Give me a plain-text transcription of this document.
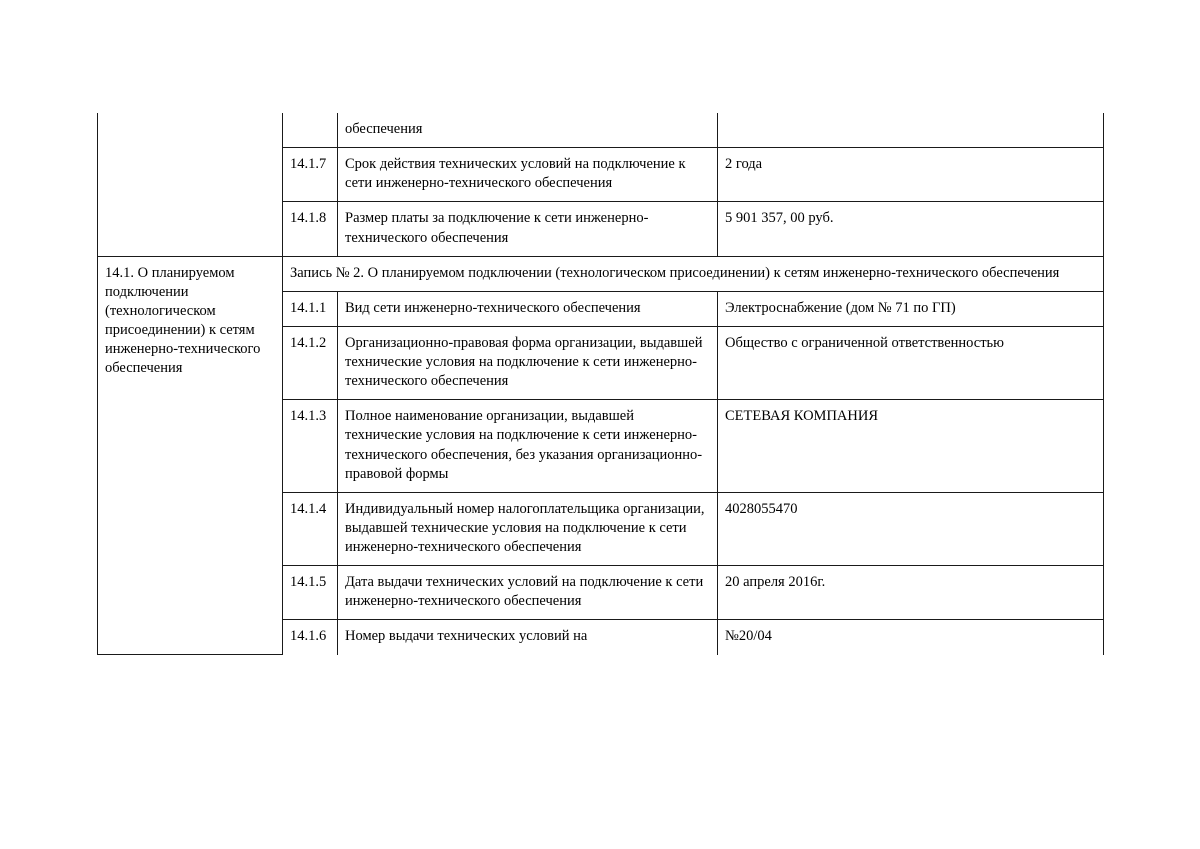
		обеспечения	
	14.1.7	Срок действия технических условий на подключение к сети инженерно-технического обеспечения	2 года
	14.1.8	Размер платы за подключение к сети инженерно-технического обеспечения	5 901 357, 00 руб.
14.1. О планируемом подключении (технологическом присоединении) к сетям инженерно-технического обеспечения	Запись № 2. О планируемом подключении (технологическом присоединении) к сетям инженерно-технического обеспечения		
	14.1.1	Вид сети инженерно-технического обеспечения	Электроснабжение (дом № 71 по ГП)
	14.1.2	Организационно-правовая форма организации, выдавшей технические условия на подключение к сети инженерно-технического обеспечения	Общество с ограниченной ответственностью
	14.1.3	Полное наименование организации, выдавшей технические условия на подключение к сети инженерно-технического обеспечения, без указания организационно-правовой формы	СЕТЕВАЯ КОМПАНИЯ
	14.1.4	Индивидуальный номер налогоплательщика организации, выдавшей технические условия на подключение к сети инженерно-технического обеспечения	4028055470
	14.1.5	Дата выдачи технических условий на подключение к сети инженерно-технического обеспечения	20 апреля 2016г.
	14.1.6	Номер выдачи технических условий на	№20/04
